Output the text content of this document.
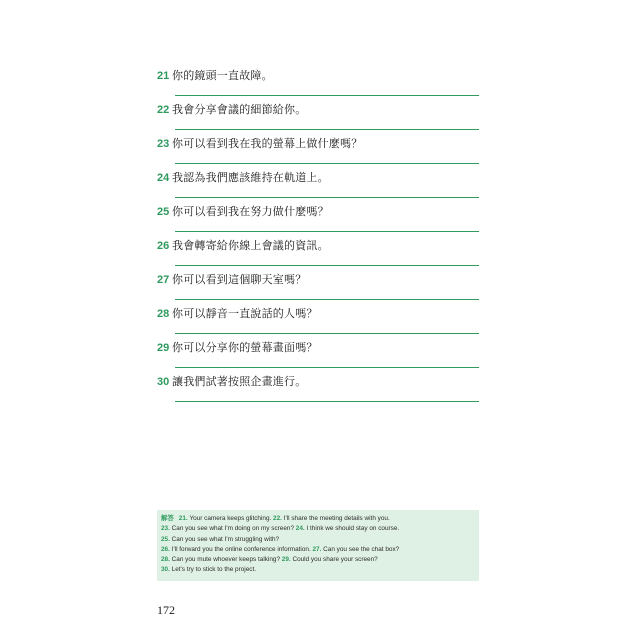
21 你的鏡頭一直故障。
22 我會分享會議的細節給你。
23 你可以看到我在我的螢幕上做什麼嗎？
24 我認為我們應該維持在軌道上。
25 你可以看到我在努力做什麼嗎？
26 我會轉寄給你線上會議的資訊。
27 你可以看到這個聊天室嗎？
28 你可以靜音一直說話的人嗎？
29 你可以分享你的螢幕畫面嗎？
30 讓我們試著按照企畫進行。
解答 21. Your camera keeps glitching. 22. I'll share the meeting details with you.
23. Can you see what I'm doing on my screen? 24. I think we should stay on course.
25. Can you see what I'm struggling with?
26. I'll forward you the online conference information. 27. Can you see the chat box?
28. Can you mute whoever keeps talking? 29. Could you share your screen?
30. Let's try to stick to the project.
172
